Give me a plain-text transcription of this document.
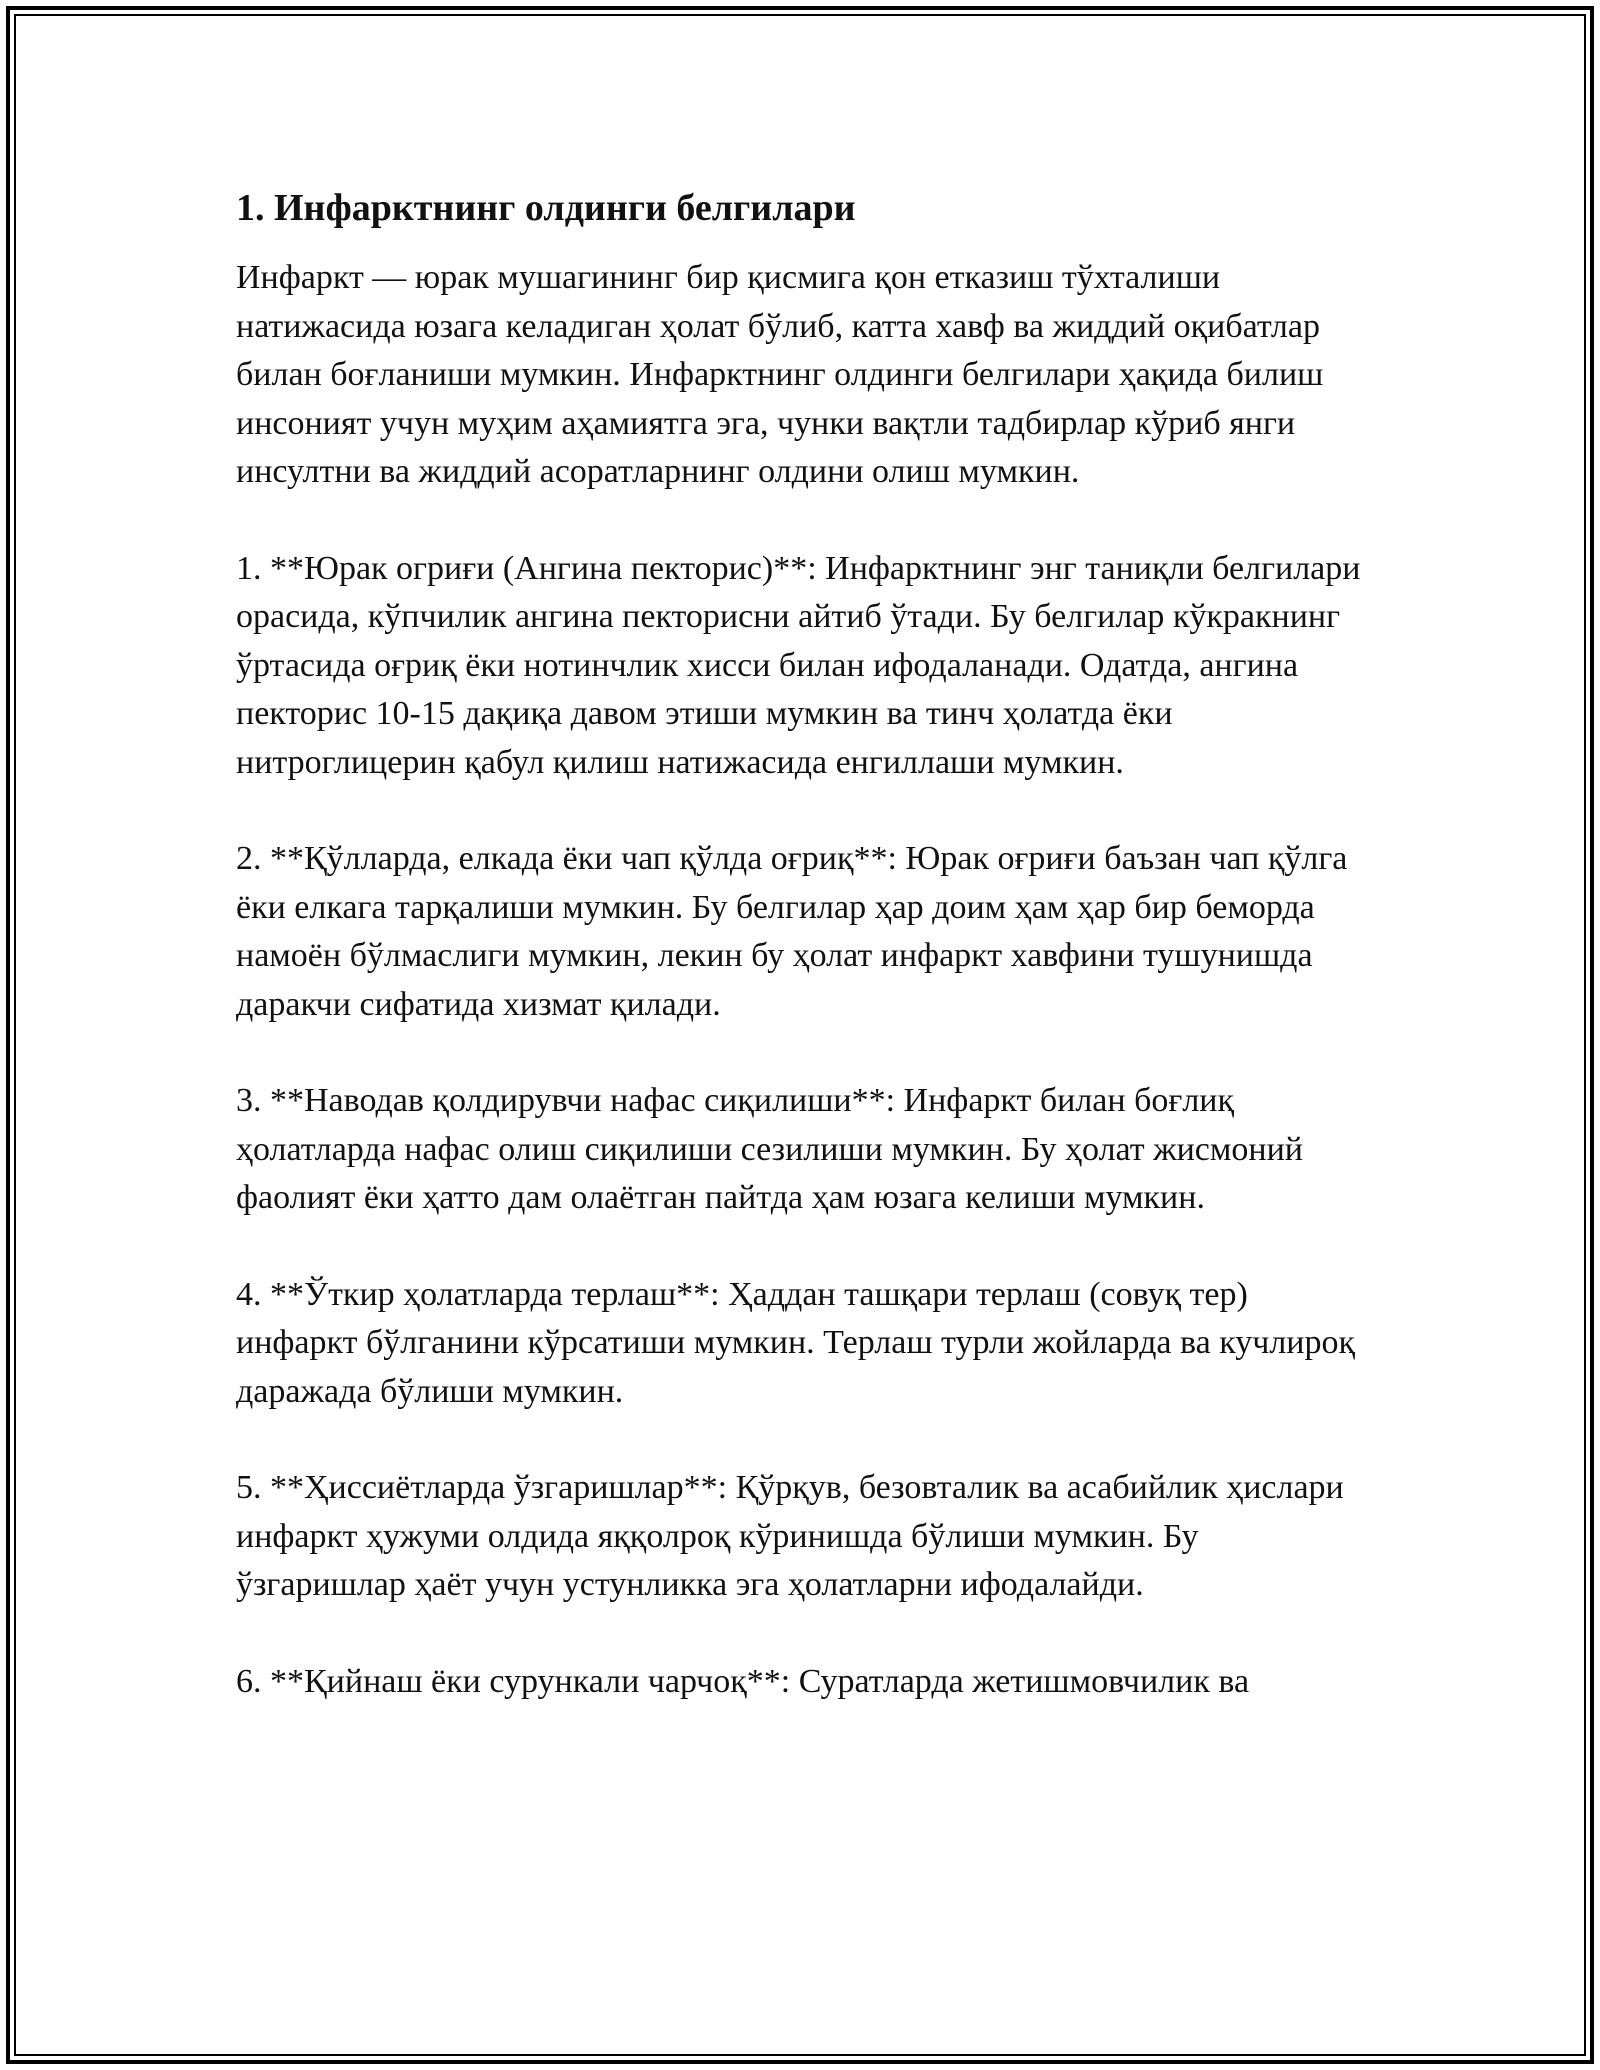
1. Инфарктнинг олдинги белгилари

Инфаркт — юрак мушагининг бир қисмига қон етказиш тўхталиши натижасида юзага келадиган ҳолат бўлиб, катта хавф ва жиддий оқибатлар билан боғланиши мумкин. Инфарктнинг олдинги белгилари ҳақида билиш инсоният учун муҳим аҳамиятга эга, чунки вақтли тадбирлар кўриб янги инсултни ва жиддий асоратларнинг олдини олиш мумкин.

1. **Юрак огриғи (Ангина пекторис)**: Инфарктнинг энг таниқли белгилари орасида, кўпчилик ангина пекторисни айтиб ўтади. Бу белгилар кўкракнинг ўртасида оғриқ ёки нотинчлик хисси билан ифодаланади. Одатда, ангина пекторис 10-15 дақиқа давом этиши мумкин ва тинч ҳолатда ёки нитроглицерин қабул қилиш натижасида енгиллаши мумкин.

2. **Қўлларда, елкада ёки чап қўлда оғриқ**: Юрак оғриғи баъзан чап қўлга ёки елкага тарқалиши мумкин. Бу белгилар ҳар доим ҳам ҳар бир беморда намоён бўлмаслиги мумкин, лекин бу ҳолат инфаркт хавфини тушунишда даракчи сифатида хизмат қилади.

3. **Наводав қолдирувчи нафас сиқилиши**: Инфаркт билан боғлиқ ҳолатларда нафас олиш сиқилиши сезилиши мумкин. Бу ҳолат жисмоний фаолият ёки ҳатто дам олаётган пайтда ҳам юзага келиши мумкин.

4. **Ўткир ҳолатларда терлаш**: Ҳаддан ташқари терлаш (совуқ тер) инфаркт бўлганини кўрсатиши мумкин. Терлаш турли жойларда ва кучлироқ даражада бўлиши мумкин.

5. **Ҳиссиётларда ўзгаришлар**: Қўрқув, безовталик ва асабийлик ҳислари инфаркт ҳужуми олдида яққолроқ кўринишда бўлиши мумкин. Бу ўзгаришлар ҳаёт учун устунликка эга ҳолатларни ифодалайди.

6. **Қийнаш ёки сурункали чарчоқ**: Суратларда жетишмовчилик ва
